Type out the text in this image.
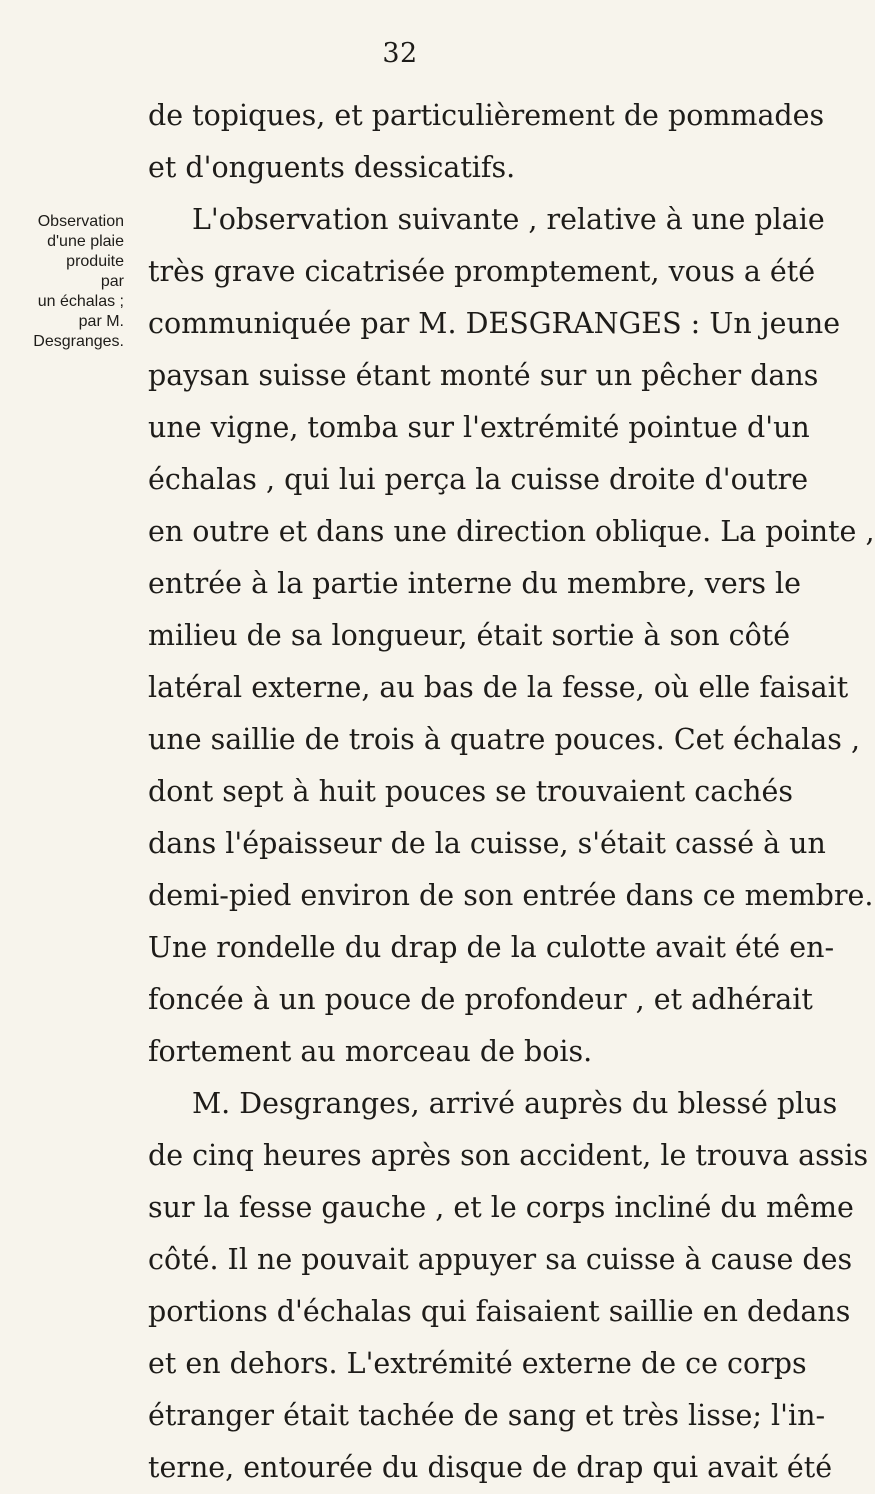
32
Observation
d'une plaie
produite
par
un échalas ;
par M.
Desgranges.
de topiques, et particulièrement de pommades
et d'onguents dessicatifs.
L'observation suivante , relative à une plaie
très grave cicatrisée promptement, vous a été
communiquée par M. DESGRANGES : Un jeune
paysan suisse étant monté sur un pêcher dans
une vigne, tomba sur l'extrémité pointue d'un
échalas , qui lui perça la cuisse droite d'outre
en outre et dans une direction oblique. La pointe ,
entrée à la partie interne du membre, vers le
milieu de sa longueur, était sortie à son côté
latéral externe, au bas de la fesse, où elle faisait
une saillie de trois à quatre pouces. Cet échalas ,
dont sept à huit pouces se trouvaient cachés
dans l'épaisseur de la cuisse, s'était cassé à un
demi-pied environ de son entrée dans ce membre.
Une rondelle du drap de la culotte avait été en-
foncée à un pouce de profondeur , et adhérait
fortement au morceau de bois.
M. Desgranges, arrivé auprès du blessé plus
de cinq heures après son accident, le trouva assis
sur la fesse gauche , et le corps incliné du même
côté. Il ne pouvait appuyer sa cuisse à cause des
portions d'échalas qui faisaient saillie en dedans
et en dehors. L'extrémité externe de ce corps
étranger était tachée de sang et très lisse; l'in-
terne, entourée du disque de drap qui avait été
